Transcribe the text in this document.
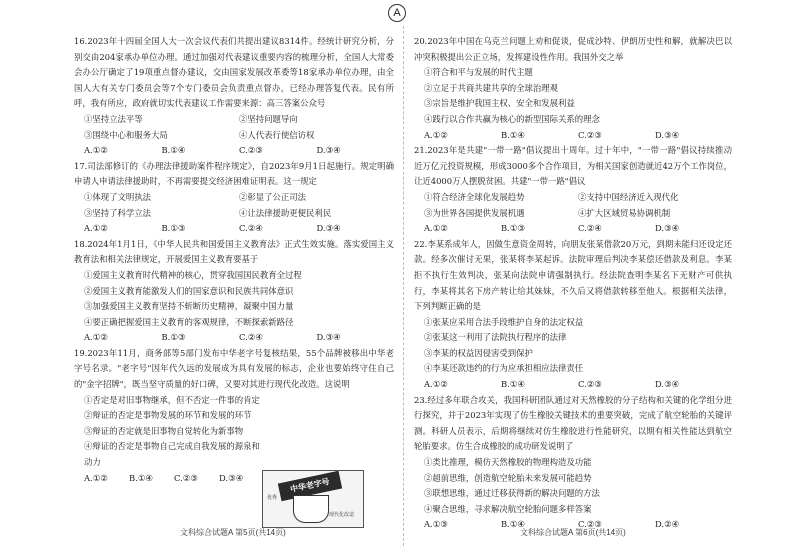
A

16.2023年十四届全国人大一次会议代表们共提出建议8314件。经统计研究分析，分别交由204家承办单位办理。通过加强对代表建议重要内容的梳理分析，全国人大常委会办公厅确定了19项重点督办建议，交由国家发展改革委等18家承办单位办理，由全国人大有关专门委员会等7个专门委员会负责重点督办，已经办理答复代表。民有所呼，我有所应，政府就切实代表建议工作需要来源：高三答案公众号

①坚持立法平等	②坚持问题导向
③围绕中心和服务大局	④人代表行使信访权
A.①②	B.①④	C.②③	D.③④

17.司法部修订的《办理法律援助案件程序规定》，自2023年9月1日起施行。规定明确申请人申请法律援助时，不再需要提交经济困难证明表。这一规定

①体现了文明执法	②彰显了公正司法
③坚持了科学立法	④让法律援助更便民利民
A.①②	B.①③	C.②④	D.③④

18.2024年1月1日，《中华人民共和国爱国主义教育法》正式生效实施。落实爱国主义教育法和相关法律规定，开展爱国主义教育要基于

①爱国主义教育时代精神的核心，贯穿我国国民教育全过程
②爱国主义教育能激发人们的国家意识和民族共同体意识
③加强爱国主义教育坚持不斩断历史精神，凝聚中国力量
④要正确把握爱国主义教育的客观规律，不断探索新路径
A.①②	B.①③	C.②④	D.③④

19.2023年11月，商务部等5部门发布中华老字号复核结果，55个品牌被移出中华老字号名录。"老字号"因年代久远的发展成为具有发展的标志，企业也要始终守住自己的"金字招牌"，既当坚守质量的好口碑，又要对其进行现代化改造。这说明

①否定是对旧事物继承，但不否定一件事的肯定
②辩证的否定是事物发展的环节和发展的环节
③辩证的否定就是旧事物自觉转化为新事物
④辩证的否定是事物自己完成自我发展的源泉和动力
A.①②	B.①④	C.②③	D.③④	中华老字号
优秀
现代化改造

20.2023年中国在乌克兰问题上劝和促谈，促成沙特、伊朗历史性和解，就解决巴以冲突积极提出公正立场，发挥建设性作用。我国外交之举

①符合和平与发展的时代主题
②立足于共商共建共享的全球治理观
③宗旨是维护我国主权、安全和发展利益
④践行以合作共赢为核心的新型国际关系的理念
A.①②	B.①④	C.②③	D.③④

21.2023年是共建"一带一路"倡议提出十周年。过十年中，"一带一路"倡议持续推动近万亿元投资规模，形成3000多个合作项目，为相关国家创造就近42万个工作岗位，让近4000万人摆脱贫困。共建"一带一路"倡议

①符合经济全球化发展趋势	②支持中国经济近入现代化
③为世界各国提供发展机遇	④扩大区域贸易协调机制
A.①②	B.①③	C.②④	D.③④

22.李某系成年人，因做生意资金周转，向朋友张某借款20万元，到期未能归还设定还款。经多次催讨无果，张某将李某起诉。法院审理后判决李某偿还借款及利息。李某拒不执行生效判决，张某向法院申请强制执行。经法院查明李某名下无财产可供执行，李某将其名下房产转让给其妹妹，不久后又将借款转移至他人。根据相关法律，下列判断正确的是

①张某应采用合法手段维护自身的法定权益
②张某这一利用了法院执行程序的法律
③李某的权益因侵害受到保护
④李某还款违约的行为应承担相应法律责任
A.①②	B.①④	C.②③	D.③④

23.经过多年联合攻关，我国科研团队通过对天然橡胶的分子结构和关键的化学组分进行探究，并于2023年实现了仿生橡胶关键技术的重要突破，完成了航空轮胎的关键评测。科研人员表示，后期将继续对仿生橡胶进行性能研究，以期有相关性能达到航空轮胎要求。仿生合成橡胶的成功研发说明了

①类比推理，模仿天然橡胶的物理构造及功能
②超前思维，创造航空轮胎未来发展可能趋势
③联想思维，通过迁移获得新的解决问题的方法
④聚合思维，寻求解决航空轮胎问题多样答案
A.①③	B.①④	C.②③	D.②④
文科综合试题A 第5页(共14页)	文科综合试题A 第6页(共14页)
